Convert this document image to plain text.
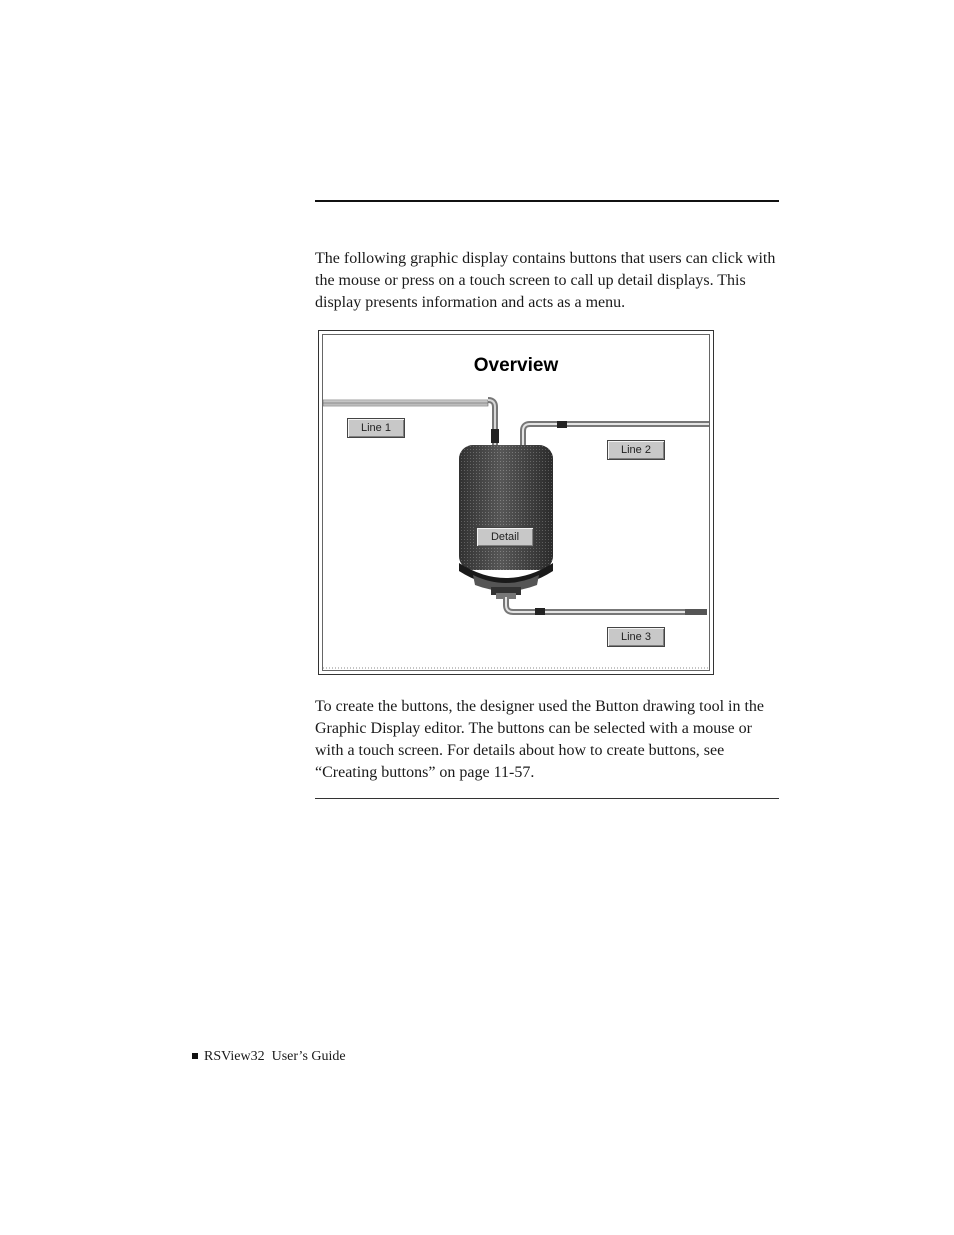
The following graphic display contains buttons that users can click with the mouse or press on a touch screen to call up detail displays. This display presents information and acts as a menu.

Overview
Line 1
Line 2
Detail
Line 3

To create the buttons, the designer used the Button drawing tool in the Graphic Display editor. The buttons can be selected with a mouse or with a touch screen. For details about how to create buttons, see “Creating buttons” on page 11-57.

RSView32  User’s Guide
